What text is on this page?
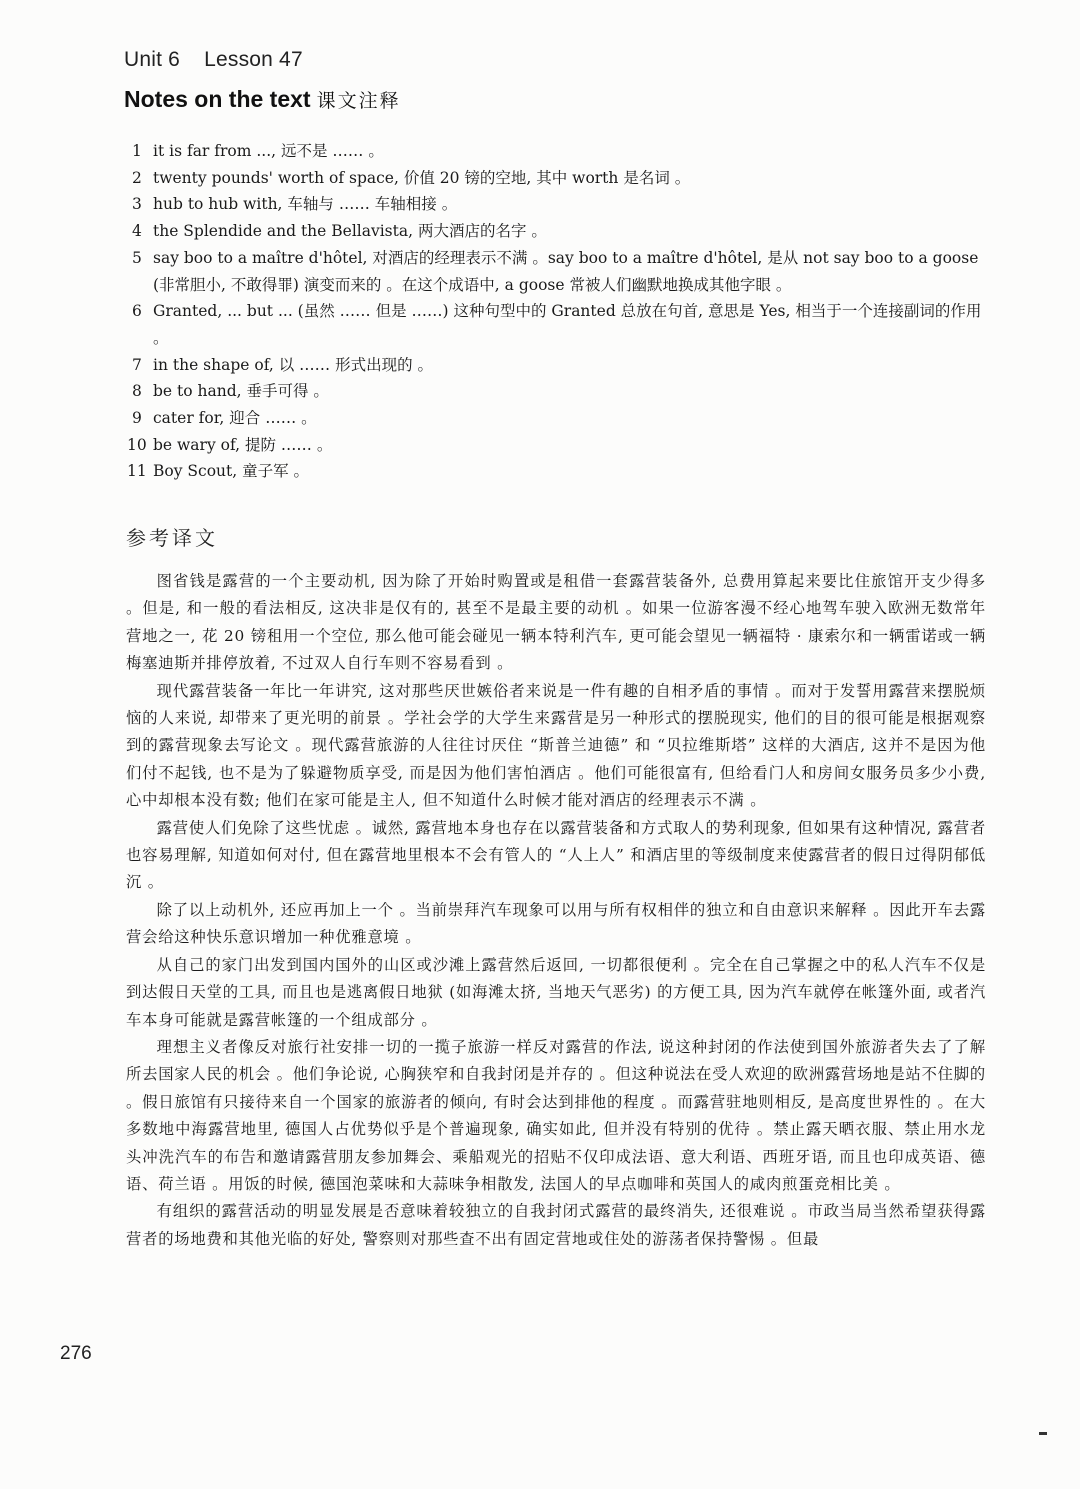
Unit 6 Lesson 47
Notes on the text 课文注释
1 it is far from ..., 远不是 …… 。
2 twenty pounds' worth of space, 价值 20 镑的空地, 其中 worth 是名词 。
3 hub to hub with, 车轴与 …… 车轴相接 。
4 the Splendide and the Bellavista, 两大酒店的名字 。
5 say boo to a maître d'hôtel, 对酒店的经理表示不满 。say boo to a maître d'hôtel, 是从 not say boo to a goose (非常胆小, 不敢得罪) 演变而来的 。在这个成语中, a goose 常被人们幽默地换成其他字眼 。
6 Granted, ... but ... (虽然 …… 但是 ……) 这种句型中的 Granted 总放在句首, 意思是 Yes, 相当于一个连接副词的作用 。
7 in the shape of, 以 …… 形式出现的 。
8 be to hand, 垂手可得 。
9 cater for, 迎合 …… 。
10 be wary of, 提防 …… 。
11 Boy Scout, 童子军 。
参考译文

图省钱是露营的一个主要动机, 因为除了开始时购置或是租借一套露营装备外, 总费用算起来要比住旅馆开支少得多 。但是, 和一般的看法相反, 这决非是仅有的, 甚至不是最主要的动机 。如果一位游客漫不经心地驾车驶入欧洲无数常年营地之一, 花 20 镑租用一个空位, 那么他可能会碰见一辆本特利汽车, 更可能会望见一辆福特 · 康索尔和一辆雷诺或一辆梅塞迪斯并排停放着, 不过双人自行车则不容易看到 。

现代露营装备一年比一年讲究, 这对那些厌世嫉俗者来说是一件有趣的自相矛盾的事情 。而对于发誓用露营来摆脱烦恼的人来说, 却带来了更光明的前景 。学社会学的大学生来露营是另一种形式的摆脱现实, 他们的目的很可能是根据观察到的露营现象去写论文 。现代露营旅游的人往往讨厌住 “斯普兰迪德” 和 “贝拉维斯塔” 这样的大酒店, 这并不是因为他们付不起钱, 也不是为了躲避物质享受, 而是因为他们害怕酒店 。他们可能很富有, 但给看门人和房间女服务员多少小费, 心中却根本没有数; 他们在家可能是主人, 但不知道什么时候才能对酒店的经理表示不满 。

露营使人们免除了这些忧虑 。诚然, 露营地本身也存在以露营装备和方式取人的势利现象, 但如果有这种情况, 露营者也容易理解, 知道如何对付, 但在露营地里根本不会有管人的 “人上人” 和酒店里的等级制度来使露营者的假日过得阴郁低沉 。

除了以上动机外, 还应再加上一个 。当前崇拜汽车现象可以用与所有权相伴的独立和自由意识来解释 。因此开车去露营会给这种快乐意识增加一种优雅意境 。

从自己的家门出发到国内国外的山区或沙滩上露营然后返回, 一切都很便利 。完全在自己掌握之中的私人汽车不仅是到达假日天堂的工具, 而且也是逃离假日地狱 (如海滩太挤, 当地天气恶劣) 的方便工具, 因为汽车就停在帐篷外面, 或者汽车本身可能就是露营帐篷的一个组成部分 。

理想主义者像反对旅行社安排一切的一揽子旅游一样反对露营的作法, 说这种封闭的作法使到国外旅游者失去了了解所去国家人民的机会 。他们争论说, 心胸狭窄和自我封闭是并存的 。但这种说法在受人欢迎的欧洲露营场地是站不住脚的 。假日旅馆有只接待来自一个国家的旅游者的倾向, 有时会达到排他的程度 。而露营驻地则相反, 是高度世界性的 。在大多数地中海露营地里, 德国人占优势似乎是个普遍现象, 确实如此, 但并没有特别的优待 。禁止露天晒衣服、禁止用水龙头冲洗汽车的布告和邀请露营朋友参加舞会、乘船观光的招贴不仅印成法语、意大利语、西班牙语, 而且也印成英语、德语、荷兰语 。用饭的时候, 德国泡菜味和大蒜味争相散发, 法国人的早点咖啡和英国人的咸肉煎蛋竞相比美 。

有组织的露营活动的明显发展是否意味着较独立的自我封闭式露营的最终消失, 还很难说 。市政当局当然希望获得露营者的场地费和其他光临的好处, 警察则对那些查不出有固定营地或住处的游荡者保持警惕 。但最

276
